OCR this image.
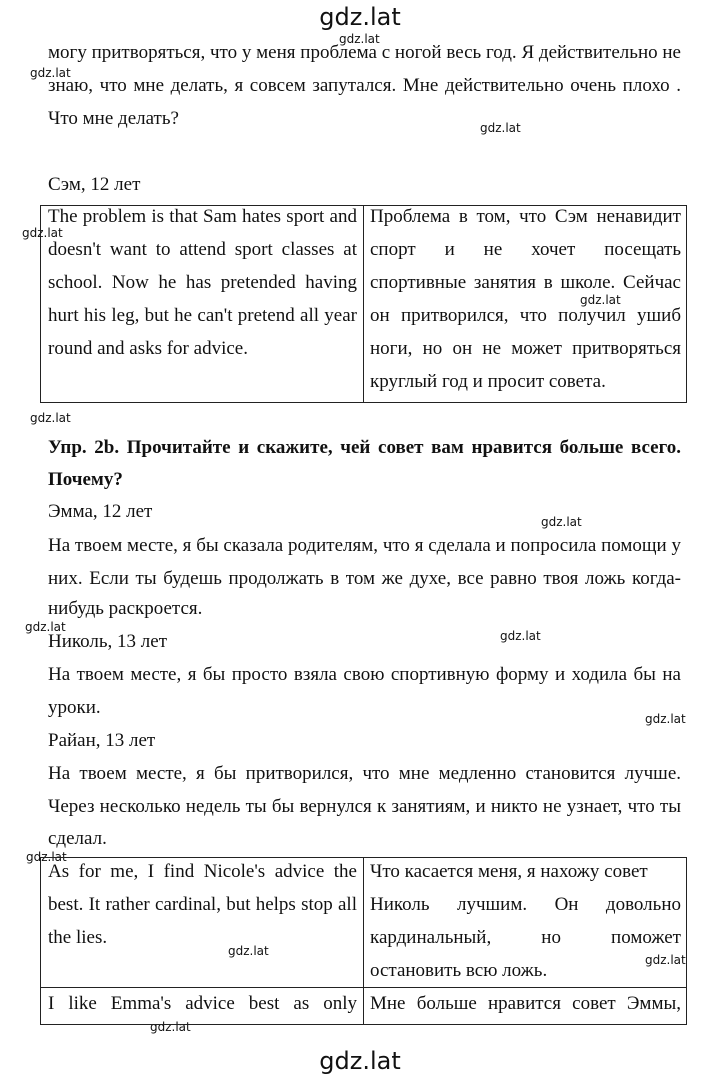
gdz.lat
gdz.lat
gdz.lat
gdz.lat
gdz.lat
gdz.lat
gdz.lat
gdz.lat
gdz.lat
gdz.lat
gdz.lat
gdz.lat
gdz.lat
gdz.lat
gdz.lat
gdz.lat
могу притворяться, что у меня проблема с ногой весь год. Я действительно не
знаю, что мне делать, я совсем запутался. Мне действительно очень плохо .
Что мне делать?
Сэм, 12 лет
The problem is that Sam hates sport and
doesn't want to attend sport classes at
school. Now he has pretended having
hurt his leg, but he can't pretend all year
round and asks for advice.
Проблема в том, что Сэм ненавидит
спорт и не хочет посещать
спортивные занятия в школе. Сейчас
он притворился, что получил ушиб
ноги, но он не может притворяться
круглый год и просит совета.
Упр. 2b. Прочитайте и скажите, чей совет вам нравится больше всего.
Почему?
Эмма, 12 лет
На твоем месте, я бы сказала родителям, что я сделала и попросила помощи у
них. Если ты будешь продолжать в том же духе, все равно твоя ложь когда-
нибудь раскроется.
Николь, 13 лет
На твоем месте, я бы просто взяла свою спортивную форму и ходила бы на
уроки.
Райан, 13 лет
На твоем месте, я бы притворился, что мне медленно становится лучше.
Через несколько недель ты бы вернулся к занятиям, и никто не узнает, что ты
сделал.
As for me, I find Nicole's advice the
best. It rather cardinal, but helps stop all
the lies.
Что касается меня, я нахожу совет
Николь лучшим. Он довольно
кардинальный, но поможет
остановить всю ложь.
I like Emma's advice best as only Мне больше нравится совет Эммы,
